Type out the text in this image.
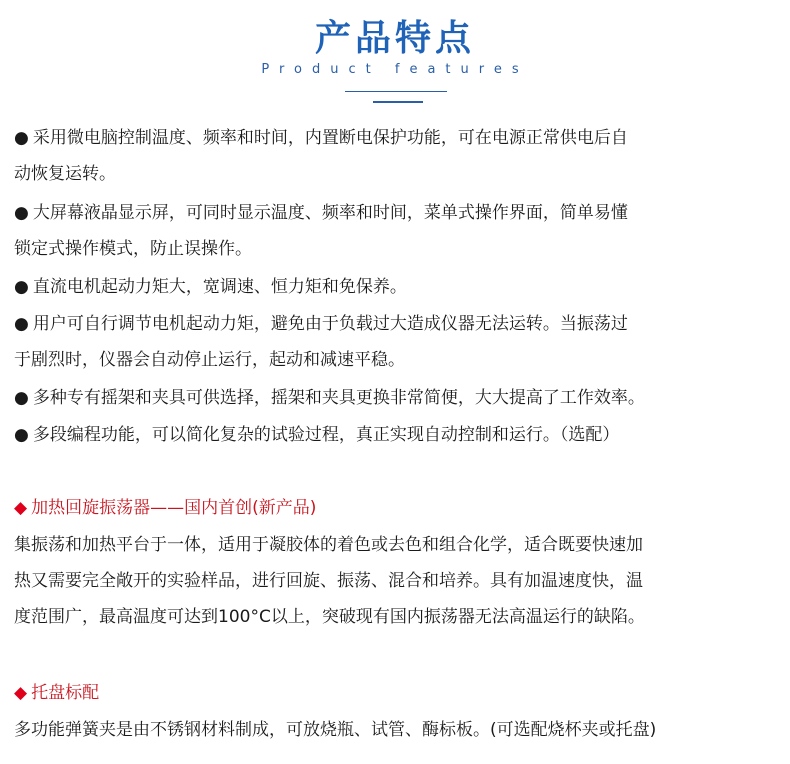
产品特点
Product features
● 采用微电脑控制温度、频率和时间，内置断电保护功能，可在电源正常供电后自
动恢复运转。
● 大屏幕液晶显示屏，可同时显示温度、频率和时间，菜单式操作界面，简单易懂
锁定式操作模式，防止误操作。
● 直流电机起动力矩大，宽调速、恒力矩和免保养。
● 用户可自行调节电机起动力矩，避免由于负载过大造成仪器无法运转。当振荡过
于剧烈时，仪器会自动停止运行，起动和减速平稳。
● 多种专有摇架和夹具可供选择，摇架和夹具更换非常简便，大大提高了工作效率。
● 多段编程功能，可以简化复杂的试验过程，真正实现自动控制和运行。（选配）
◆ 加热回旋振荡器——国内首创(新产品)
集振荡和加热平台于一体，适用于凝胶体的着色或去色和组合化学，适合既要快速加
热又需要完全敞开的实验样品，进行回旋、振荡、混合和培养。具有加温速度快，温
度范围广，最高温度可达到100°C以上，突破现有国内振荡器无法高温运行的缺陷。
◆ 托盘标配
多功能弹簧夹是由不锈钢材料制成，可放烧瓶、试管、酶标板。(可选配烧杯夹或托盘)
